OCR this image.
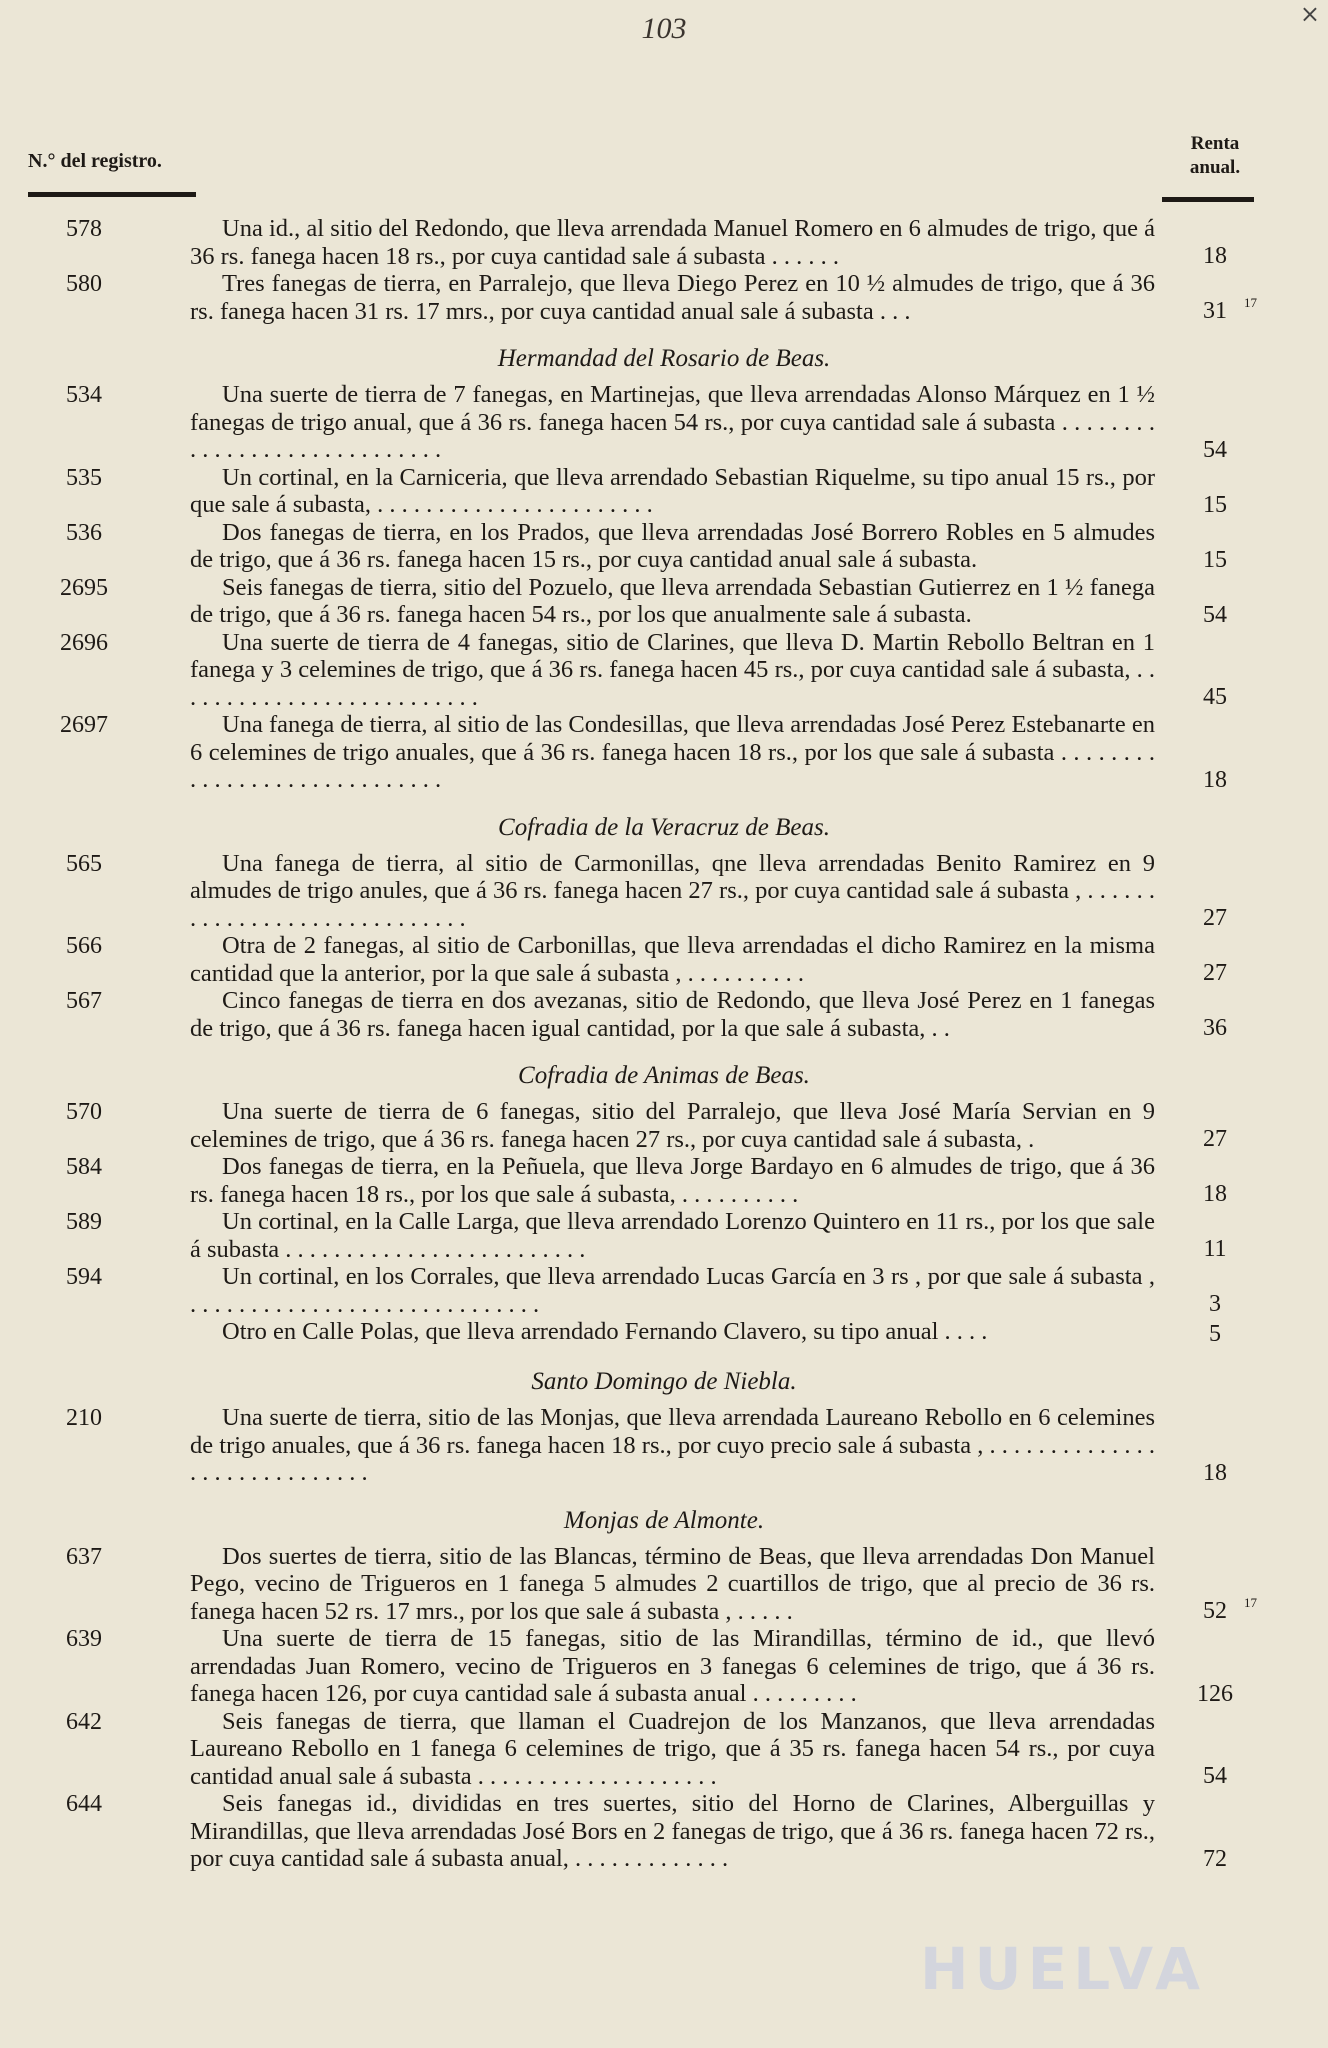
×
103
N.° del registro.
Renta
anual.
578	Una id., al sitio del Redondo, que lleva arrendada Manuel Romero en 6 almudes de trigo, que á 36 rs. fanega hacen 18 rs., por cuya cantidad sale á subasta . . . . . .	18
580	Tres fanegas de tierra, en Parralejo, que lleva Diego Perez en 10 ½ almudes de trigo, que á 36 rs. fanega hacen 31 rs. 17 mrs., por cuya cantidad anual sale á subasta . . .	31	17
Hermandad del Rosario de Beas.
534	Una suerte de tierra de 7 fanegas, en Martinejas, que lleva arrendadas Alonso Márquez en 1 ½ fanegas de trigo anual, que á 36 rs. fanega hacen 54 rs., por cuya cantidad sale á subasta . . . . . . . . . . . . . . . . . . . . . . . . . . . . .	54
535	Un cortinal, en la Carniceria, que lleva arrendado Sebastian Riquelme, su tipo anual 15 rs., por que sale á subasta, . . . . . . . . . . . . . . . . . . . . . . .	15
536	Dos fanegas de tierra, en los Prados, que lleva arrendadas José Borrero Robles en 5 almudes de trigo, que á 36 rs. fanega hacen 15 rs., por cuya cantidad anual sale á subasta.	15
2695	Seis fanegas de tierra, sitio del Pozuelo, que lleva arrendada Sebastian Gutierrez en 1 ½ fanega de trigo, que á 36 rs. fanega hacen 54 rs., por los que anualmente sale á subasta.	54
2696	Una suerte de tierra de 4 fanegas, sitio de Clarines, que lleva D. Martin Rebollo Beltran en 1 fanega y 3 celemines de trigo, que á 36 rs. fanega hacen 45 rs., por cuya cantidad sale á subasta, . . . . . . . . . . . . . . . . . . . . . . . . . .	45
2697	Una fanega de tierra, al sitio de las Condesillas, que lleva arrendadas José Perez Estebanarte en 6 celemines de trigo anuales, que á 36 rs. fanega hacen 18 rs., por los que sale á subasta . . . . . . . . . . . . . . . . . . . . . . . . . . . . .	18
Cofradia de la Veracruz de Beas.
565	Una fanega de tierra, al sitio de Carmonillas, qne lleva arrendadas Benito Ramirez en 9 almudes de trigo anules, que á 36 rs. fanega hacen 27 rs., por cuya cantidad sale á subasta , . . . . . . . . . . . . . . . . . . . . . . . . . . . . .	27
566	Otra de 2 fanegas, al sitio de Carbonillas, que lleva arrendadas el dicho Ramirez en la misma cantidad que la anterior, por la que sale á subasta , . . . . . . . . . .	27
567	Cinco fanegas de tierra en dos avezanas, sitio de Redondo, que lleva José Perez en 1 fanegas de trigo, que á 36 rs. fanega hacen igual cantidad, por la que sale á subasta, . .	36
Cofradia de Animas de Beas.
570	Una suerte de tierra de 6 fanegas, sitio del Parralejo, que lleva José María Servian en 9 celemines de trigo, que á 36 rs. fanega hacen 27 rs., por cuya cantidad sale á subasta, .	27
584	Dos fanegas de tierra, en la Peñuela, que lleva Jorge Bardayo en 6 almudes de trigo, que á 36 rs. fanega hacen 18 rs., por los que sale á subasta, . . . . . . . . . .	18
589	Un cortinal, en la Calle Larga, que lleva arrendado Lorenzo Quintero en 11 rs., por los que sale á subasta . . . . . . . . . . . . . . . . . . . . . . . . .	11
594	Un cortinal, en los Corrales, que lleva arrendado Lucas García en 3 rs , por que sale á subasta , . . . . . . . . . . . . . . . . . . . . . . . . . . . . .	3
Otro en Calle Polas, que lleva arrendado Fernando Clavero, su tipo anual . . . .	5
Santo Domingo de Niebla.
210	Una suerte de tierra, sitio de las Monjas, que lleva arrendada Laureano Rebollo en 6 celemines de trigo anuales, que á 36 rs. fanega hacen 18 rs., por cuyo precio sale á subasta , . . . . . . . . . . . . . . . . . . . . . . . . . . . . .	18
Monjas de Almonte.
637	Dos suertes de tierra, sitio de las Blancas, término de Beas, que lleva arrendadas Don Manuel Pego, vecino de Trigueros en 1 fanega 5 almudes 2 cuartillos de trigo, que al precio de 36 rs. fanega hacen 52 rs. 17 mrs., por los que sale á subasta , . . . . .	52	17
639	Una suerte de tierra de 15 fanegas, sitio de las Mirandillas, término de id., que llevó arrendadas Juan Romero, vecino de Trigueros en 3 fanegas 6 celemines de trigo, que á 36 rs. fanega hacen 126, por cuya cantidad sale á subasta anual . . . . . . . . .	126
642	Seis fanegas de tierra, que llaman el Cuadrejon de los Manzanos, que lleva arrendadas Laureano Rebollo en 1 fanega 6 celemines de trigo, que á 35 rs. fanega hacen 54 rs., por cuya cantidad anual sale á subasta . . . . . . . . . . . . . . . . . . . .	54
644	Seis fanegas id., divididas en tres suertes, sitio del Horno de Clarines, Alberguillas y Mirandillas, que lleva arrendadas José Bors en 2 fanegas de trigo, que á 36 rs. fanega hacen 72 rs., por cuya cantidad sale á subasta anual, . . . . . . . . . . . . .	72
HUELVA
